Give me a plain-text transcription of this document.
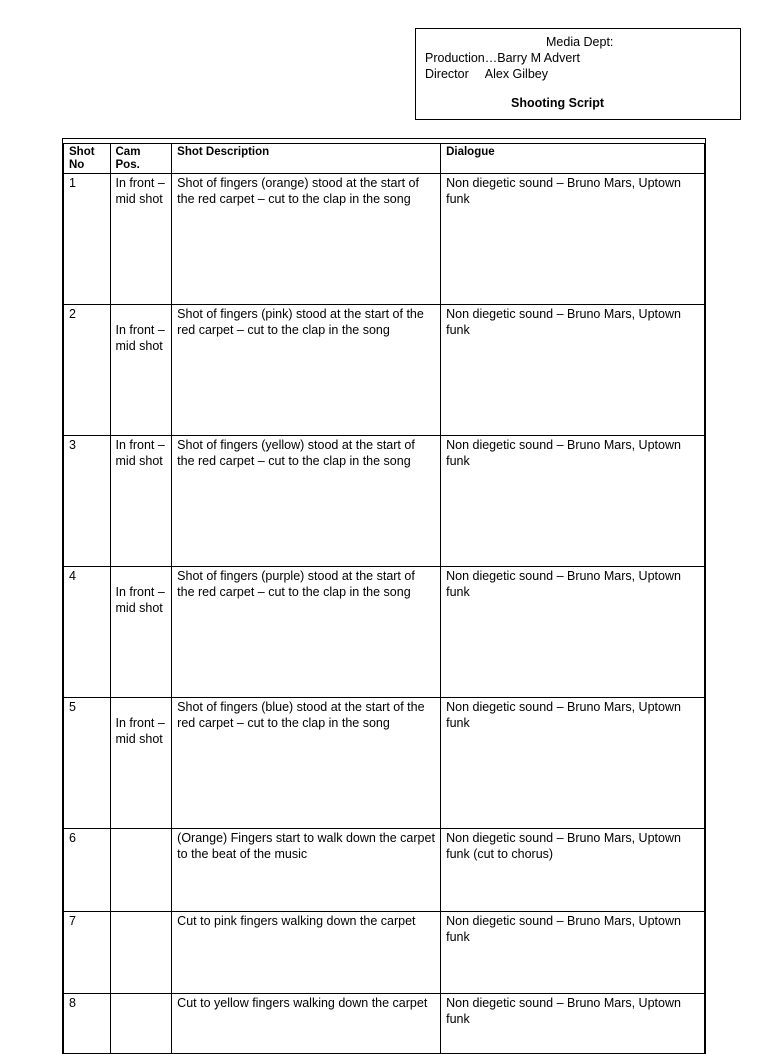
Media Dept:
Production…Barry M Advert
Director Alex Gilbey
Shooting Script
Shot No	Cam Pos.	Shot Description	Dialogue
1	In front – mid shot	Shot of fingers (orange) stood at the start of the red carpet – cut to the clap in the song	Non diegetic sound – Bruno Mars, Uptown funk
2	In front – mid shot	Shot of fingers (pink) stood at the start of the red carpet – cut to the clap in the song	Non diegetic sound – Bruno Mars, Uptown funk
3	In front – mid shot	Shot of fingers (yellow) stood at the start of the red carpet – cut to the clap in the song	Non diegetic sound – Bruno Mars, Uptown funk
4	In front – mid shot	Shot of fingers (purple) stood at the start of the red carpet – cut to the clap in the song	Non diegetic sound – Bruno Mars, Uptown funk
5	In front – mid shot	Shot of fingers (blue) stood at the start of the red carpet – cut to the clap in the song	Non diegetic sound – Bruno Mars, Uptown funk
6		(Orange) Fingers start to walk down the carpet to the beat of the music	Non diegetic sound – Bruno Mars, Uptown funk (cut to chorus)
7		Cut to pink fingers walking down the carpet	Non diegetic sound – Bruno Mars, Uptown funk
8		Cut to yellow fingers walking down the carpet	Non diegetic sound – Bruno Mars, Uptown funk
